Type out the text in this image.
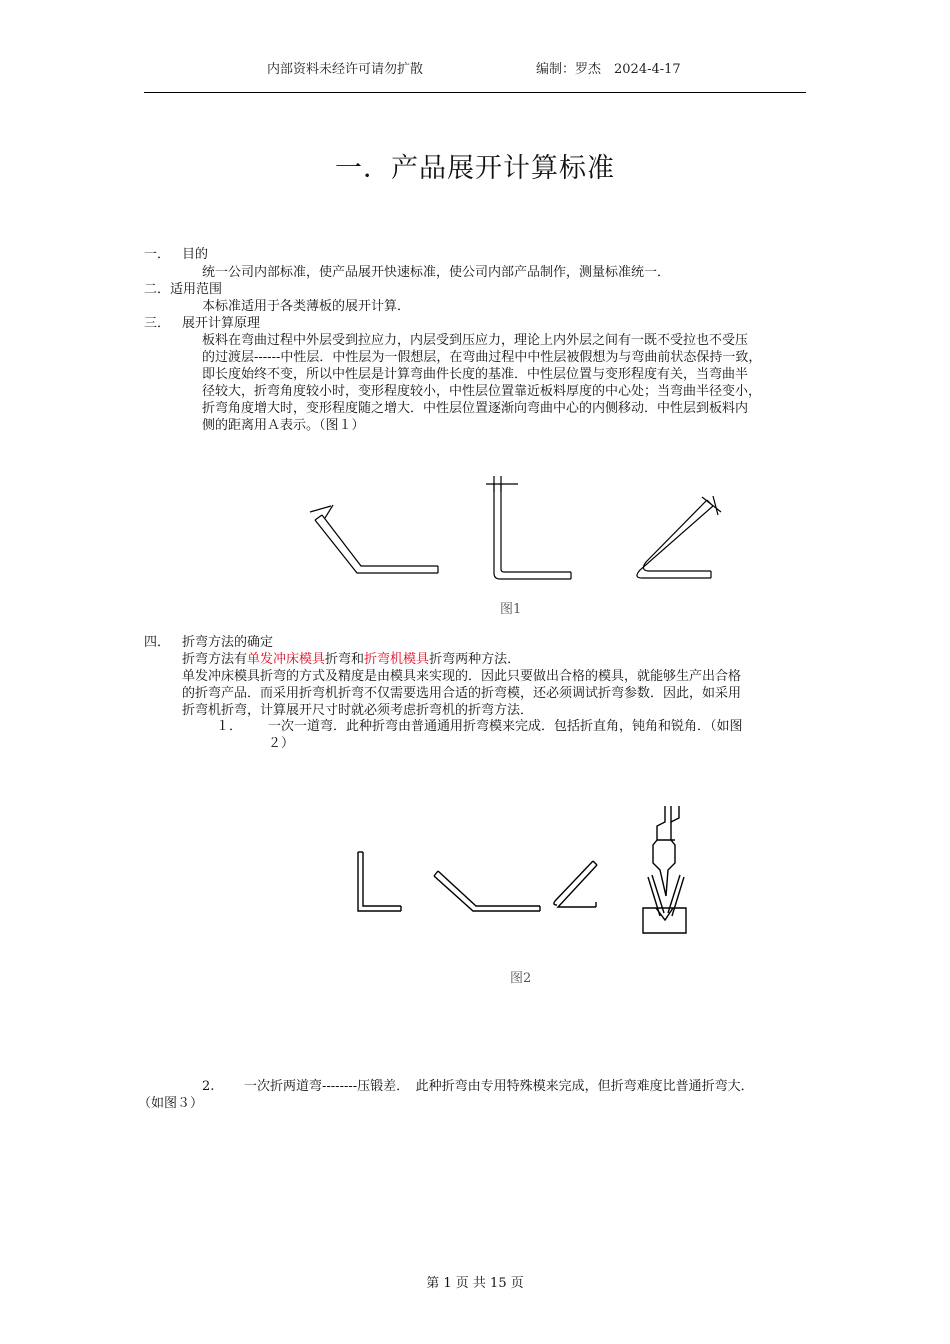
内部资料未经许可请勿扩散	编制：罗杰　2024-4-17
一．产品展开计算标准
一． 目的
统一公司内部标准，使产品展开快速标准，使公司内部产品制作，测量标准统一．
二．适用范围
本标准适用于各类薄板的展开计算．
三． 展开计算原理
板料在弯曲过程中外层受到拉应力，内层受到压应力，理论上内外层之间有一既不受拉也不受压
的过渡层------中性层．中性层为一假想层，在弯曲过程中中性层被假想为与弯曲前状态保持一致，
即长度始终不变，所以中性层是计算弯曲件长度的基准．中性层位置与变形程度有关，当弯曲半
径较大，折弯角度较小时，变形程度较小，中性层位置靠近板料厚度的中心处；当弯曲半径变小，
折弯角度增大时，变形程度随之增大．中性层位置逐渐向弯曲中心的内侧移动．中性层到板料内
侧的距离用Ａ表示。（图１）
图1
四． 折弯方法的确定
折弯方法有单发冲床模具折弯和折弯机模具折弯两种方法．
单发冲床模具折弯的方式及精度是由模具来实现的．因此只要做出合格的模具，就能够生产出合格
的折弯产品．而采用折弯机折弯不仅需要选用合适的折弯模，还必须调试折弯参数．因此，如采用
折弯机折弯，计算展开尺寸时就必须考虑折弯机的折弯方法．
１． 一次一道弯．此种折弯由普通通用折弯模来完成．包括折直角，钝角和锐角．（如图
２）
图2
2. 一次折两道弯--------压锻差．　此种折弯由专用特殊模来完成，但折弯难度比普通折弯大．
（如图３）
第 1 页 共 15 页
